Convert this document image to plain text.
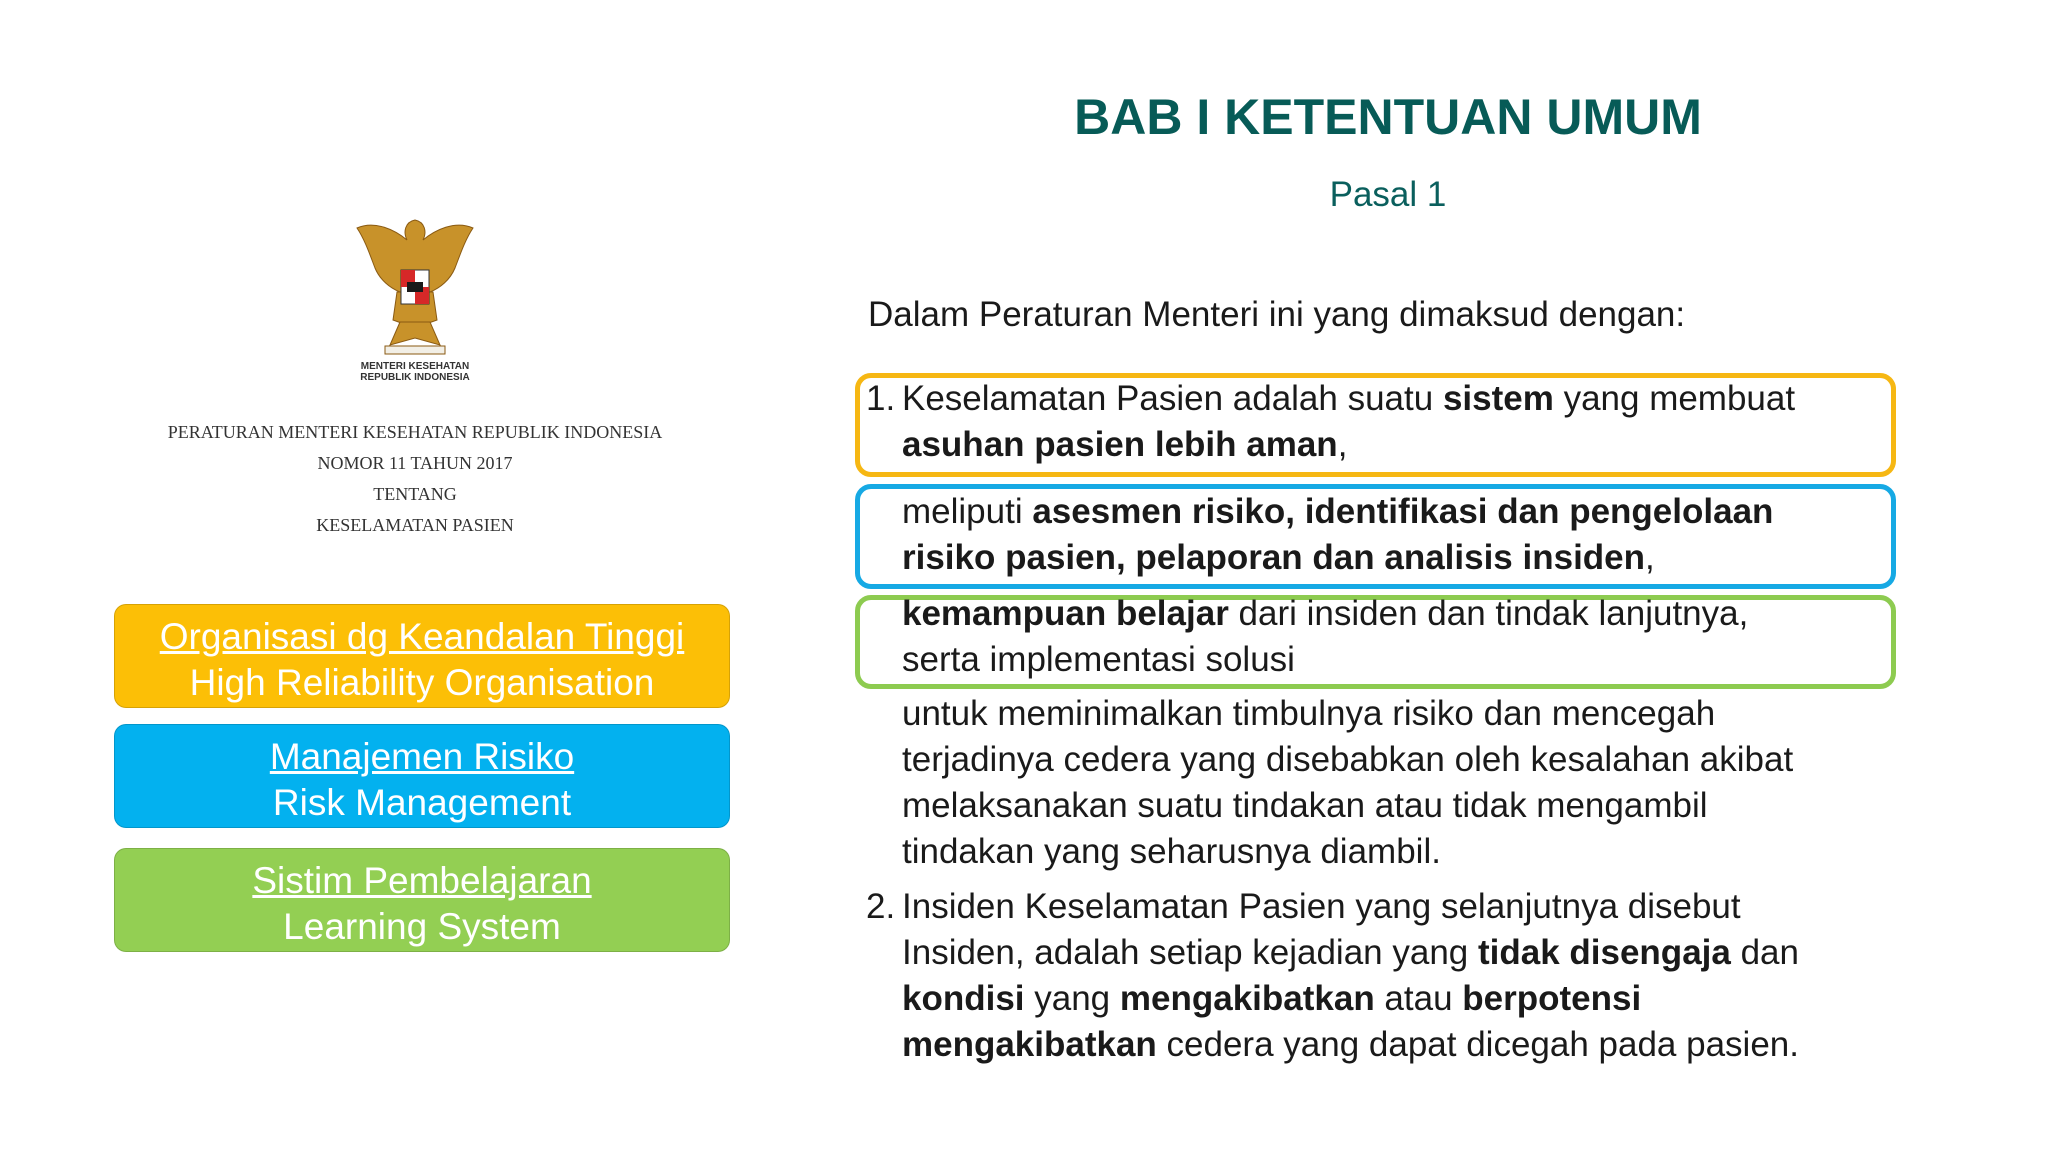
MENTERI KESEHATAN
REPUBLIK INDONESIA
PERATURAN MENTERI KESEHATAN REPUBLIK INDONESIA
NOMOR 11 TAHUN 2017
TENTANG
KESELAMATAN PASIEN
Organisasi dg Keandalan Tinggi
High Reliability Organisation
Manajemen Risiko
Risk Management
Sistim Pembelajaran
Learning System
BAB I KETENTUAN UMUM
Pasal 1
Dalam Peraturan Menteri ini yang dimaksud dengan:
1. Keselamatan Pasien adalah suatu sistem yang membuat
asuhan pasien lebih aman,
meliputi asesmen risiko, identifikasi dan pengelolaan
risiko pasien, pelaporan dan analisis insiden,
kemampuan belajar dari insiden dan tindak lanjutnya,
serta implementasi solusi
untuk meminimalkan timbulnya risiko dan mencegah
terjadinya cedera yang disebabkan oleh kesalahan akibat
melaksanakan suatu tindakan atau tidak mengambil
tindakan yang seharusnya diambil.
2. Insiden Keselamatan Pasien yang selanjutnya disebut
Insiden, adalah setiap kejadian yang tidak disengaja dan
kondisi yang mengakibatkan atau berpotensi
mengakibatkan cedera yang dapat dicegah pada pasien.
